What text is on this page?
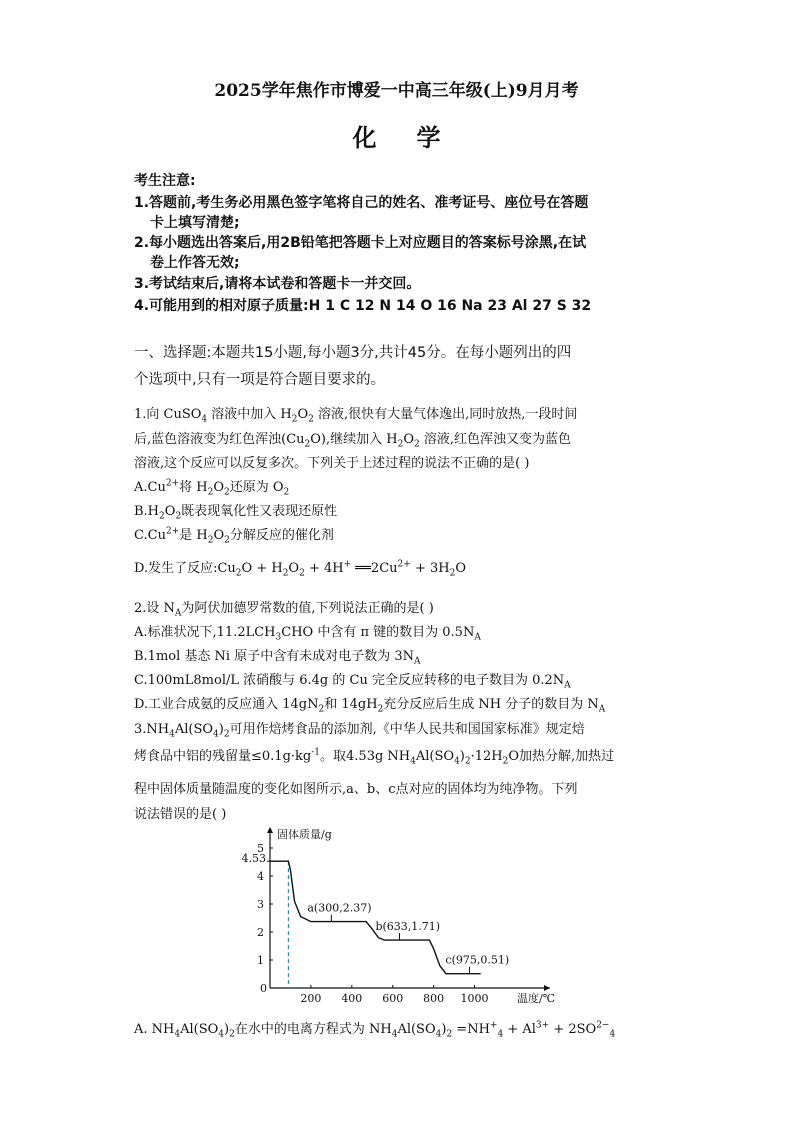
2025学年焦作市博爱一中高三年级(上)9月月考
化学
考生注意:
1.答题前,考生务必用黑色签字笔将自己的姓名、准考证号、座位号在答题
卡上填写清楚;
2.每小题选出答案后,用2B铅笔把答题卡上对应题目的答案标号涂黑,在试
卷上作答无效;
3.考试结束后,请将本试卷和答题卡一并交回。
4.可能用到的相对原子质量:H 1 C 12 N 14 O 16 Na 23 Al 27 S 32
一、选择题:本题共15小题,每小题3分,共计45分。在每小题列出的四
个选项中,只有一项是符合题目要求的。
1.向 CuSO$_4$ 溶液中加入 $H_2O_2$ 溶液,很快有大量气体逸出,同时放热,一段时间
后,蓝色溶液变为红色浑浊$(Cu_2O)$,继续加入 $H_2O_2$ 溶液,红色浑浊又变为蓝色
溶液,这个反应可以反复多次。下列关于上述过程的说法不正确的是( )
$A.Cu^{2+}$将 $H_2O_2$还原为 $O_2$
$B.H_2O_2$既表现氧化性又表现还原性
$C.Cu^{2+}$是 $H_2O_2$分解反应的催化剂
D.发生了反应$:Cu_2O + H_2O_2 + 4H^+$ $══2Cu^{2+} + 3H_2O$
2.设 $N_A$为阿伏加德罗常数的值,下列说法正确的是( )
A.标准状况下$,11.2LCH_3CHO$ 中含有 π 键的数目为 $0.5N_A$
B.1mol 基态 Ni 原子中含有未成对电子数为 $3N_A$
C.100mL8mol/L 浓硝酸与 6.4g 的 Cu 完全反应转移的电子数目为 $0.2N_A$
D.工业合成氨的反应通入 $14gN_2$和 $14gH_2$充分反应后生成 NH 分子的数目为 $N_A$
$3.NH_4Al(SO_4)_2$可用作焙烤食品的添加剂,《中华人民共和国国家标准》规定焙
烤食品中铝的残留量$\le 0.1g\cdot kg^{-1}$。取4.53g $NH_4Al(SO_4)_2\cdot 12H_2O$加热分解,加热过
程中固体质量随温度的变化如图所示,a、b、c点对应的固体均为纯净物。下列
说法错误的是( )
固体质量/g
温度/℃
0
200 400 600 800 1000
1
2
3
4
5
4.53
a(300,2.37)
b(633,1.71)
c(975,0.51)
A. $NH_4Al(SO_4)_2$在水中的电离方程式为 $NH_4Al(SO_4)_2 =NH^+_4 + Al^{3+} + 2SO^{2-}_4$
